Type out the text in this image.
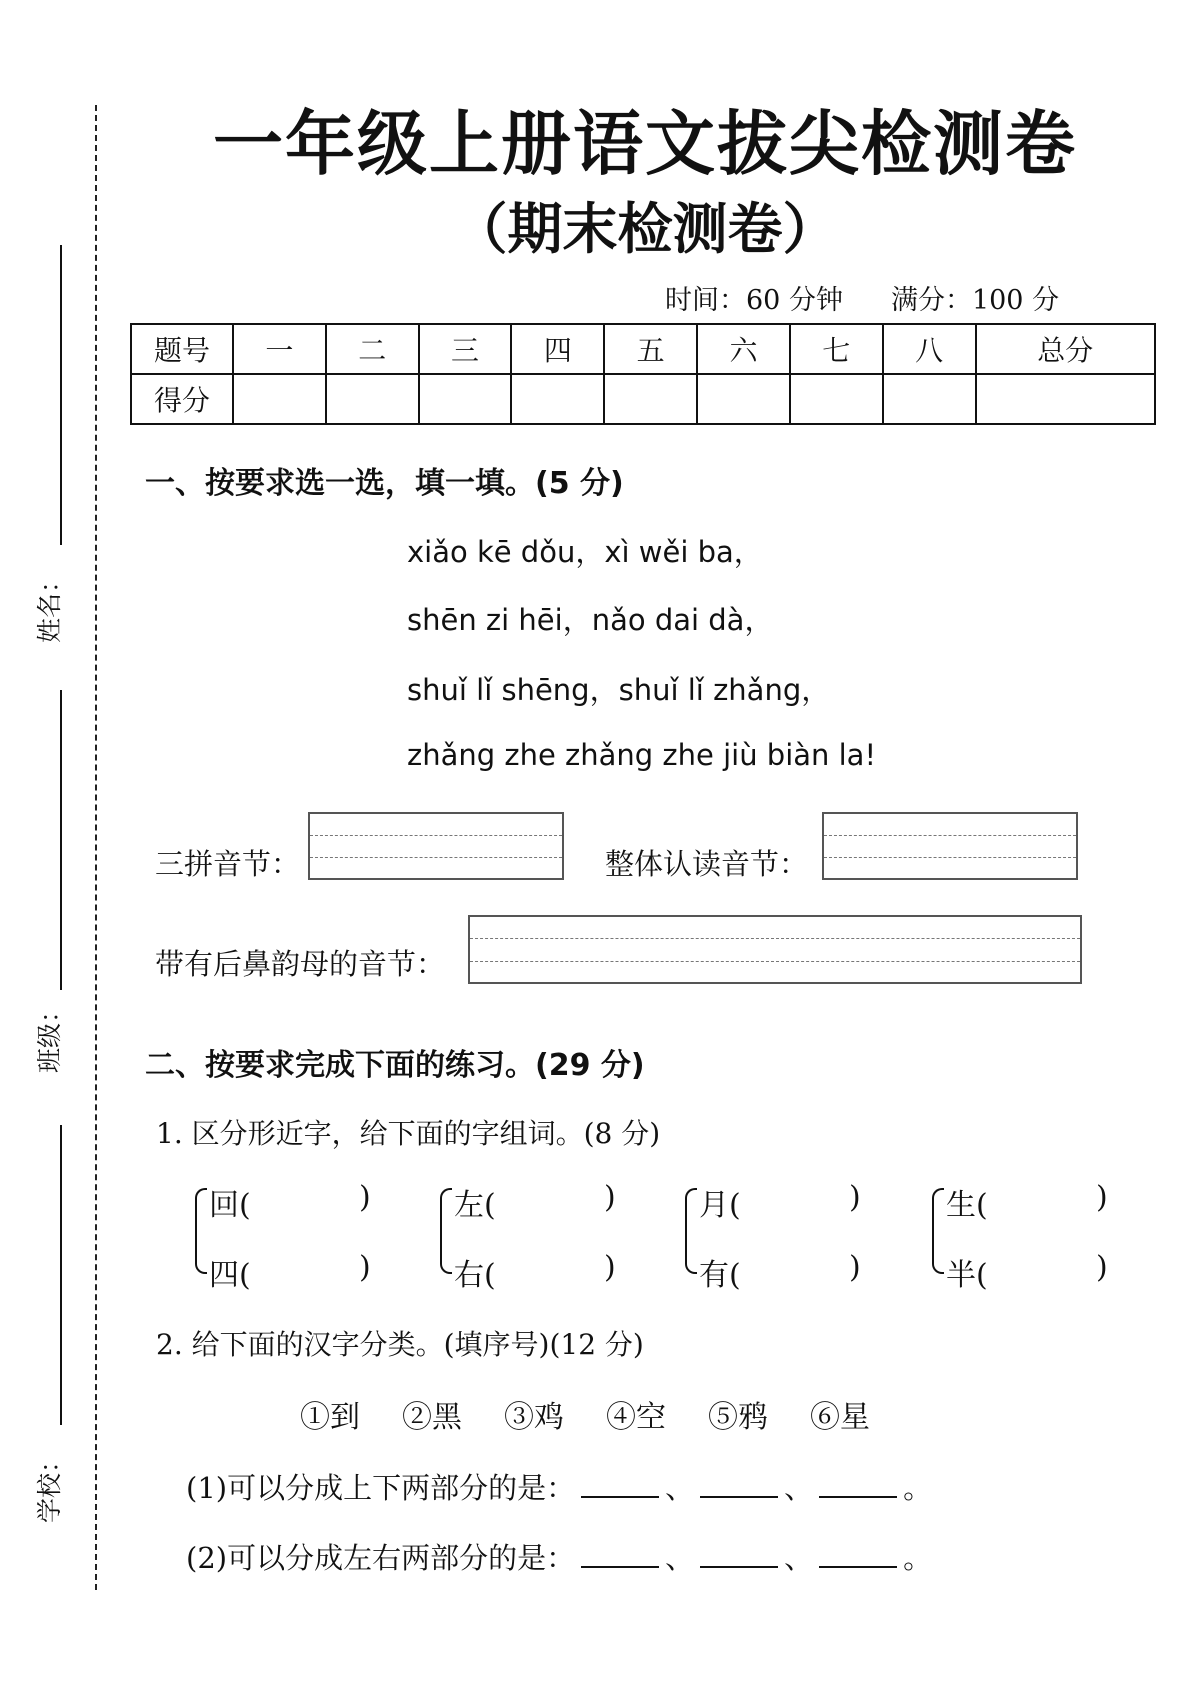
姓名：
班级：
学校：
一年级上册语文拔尖检测卷
（期末检测卷）
时间：60 分钟 满分：100 分
题号	一	二	三	四	五	六	七	八	总分
得分									
一、按要求选一选，填一填。(5 分)
xiǎo kē dǒu，xì wěi ba，
shēn zi hēi，nǎo dai dà，
shuǐ lǐ shēng，shuǐ lǐ zhǎng，
zhǎng zhe zhǎng zhe jiù biàn la!
三拼音节：	整体认读音节：
带有后鼻韵母的音节：
二、按要求完成下面的练习。(29 分)
1. 区分形近字，给下面的字组词。(8 分)
回(	)
四(	)
左(	)
右(	)
月(	)
有(	)
生(	)
半(	)
2. 给下面的汉字分类。(填序号)(12 分)
①到 ②黑 ③鸡 ④空 ⑤鸦 ⑥星
(1)可以分成上下两部分的是：	、	、	。
(2)可以分成左右两部分的是：	、	、	。
